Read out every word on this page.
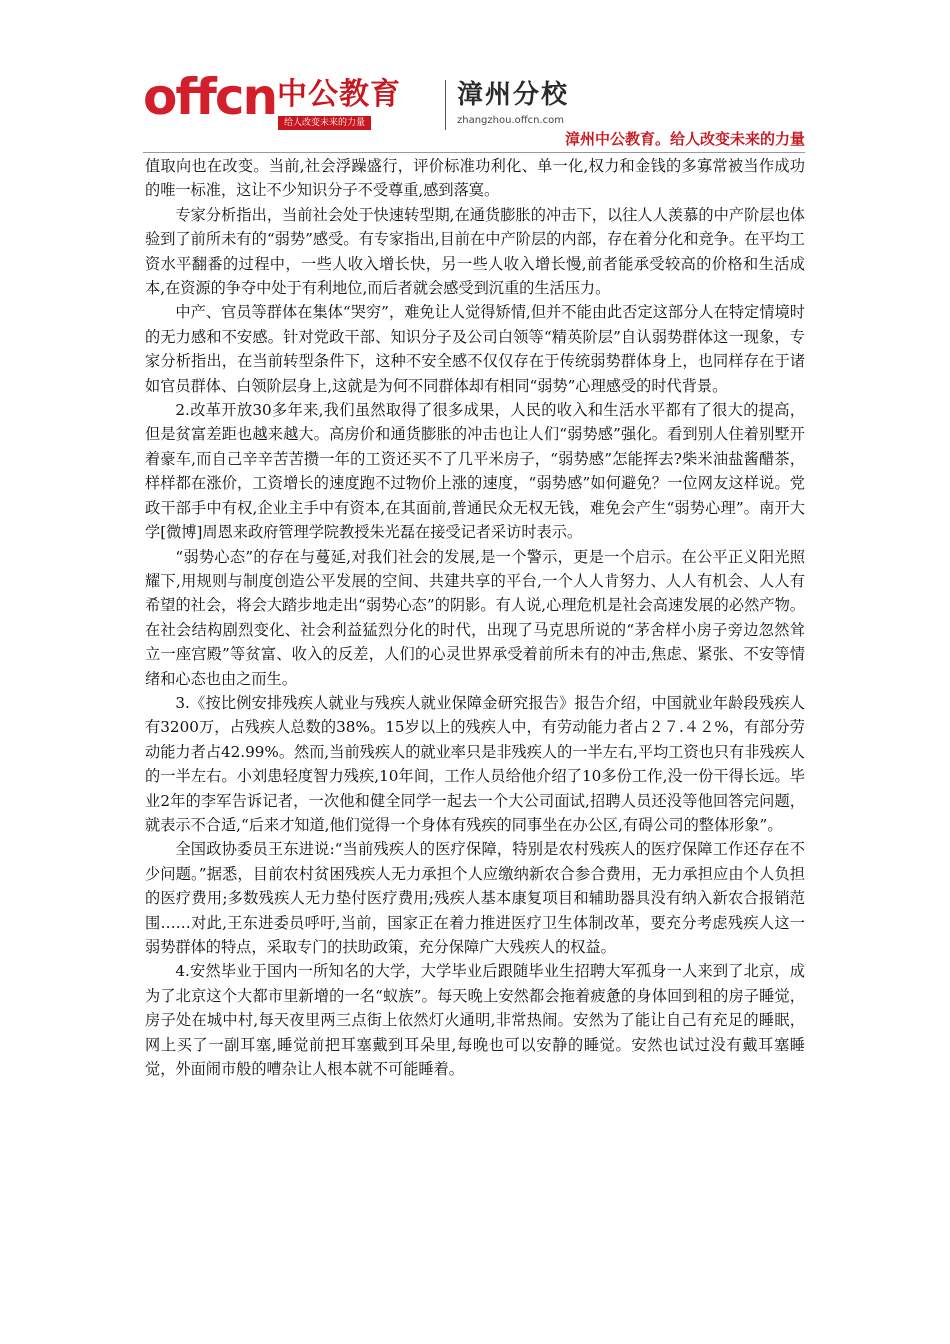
offcn 中公教育
给人改变未来的力量
漳州分校
zhangzhou.offcn.com
漳州中公教育。给人改变未来的力量

值取向也在改变。当前,社会浮躁盛行，评价标准功利化、单一化,权力和金钱的多寡常被当作成功的唯一标准，这让不少知识分子不受尊重,感到落寞。

专家分析指出，当前社会处于快速转型期,在通货膨胀的冲击下，以往人人羡慕的中产阶层也体验到了前所未有的“弱势”感受。有专家指出,目前在中产阶层的内部，存在着分化和竞争。在平均工资水平翻番的过程中，一些人收入增长快，另一些人收入增长慢,前者能承受较高的价格和生活成本,在资源的争夺中处于有利地位,而后者就会感受到沉重的生活压力。

中产、官员等群体在集体“哭穷”，难免让人觉得矫情,但并不能由此否定这部分人在特定情境时的无力感和不安感。针对党政干部、知识分子及公司白领等“精英阶层”自认弱势群体这一现象，专家分析指出，在当前转型条件下，这种不安全感不仅仅存在于传统弱势群体身上，也同样存在于诸如官员群体、白领阶层身上,这就是为何不同群体却有相同“弱势”心理感受的时代背景。

2.改革开放30多年来,我们虽然取得了很多成果，人民的收入和生活水平都有了很大的提高，但是贫富差距也越来越大。高房价和通货膨胀的冲击也让人们“弱势感”强化。看到别人住着别墅开着豪车,而自己辛辛苦苦攒一年的工资还买不了几平米房子，“弱势感”怎能挥去?柴米油盐酱醋茶，样样都在涨价，工资增长的速度跑不过物价上涨的速度，“弱势感”如何避免？一位网友这样说。党政干部手中有权,企业主手中有资本,在其面前,普通民众无权无钱，难免会产生“弱势心理”。南开大学[微博]周恩来政府管理学院教授朱光磊在接受记者采访时表示。

“弱势心态”的存在与蔓延,对我们社会的发展,是一个警示，更是一个启示。在公平正义阳光照耀下,用规则与制度创造公平发展的空间、共建共享的平台,一个人人肯努力、人人有机会、人人有希望的社会，将会大踏步地走出“弱势心态”的阴影。有人说,心理危机是社会高速发展的必然产物。在社会结构剧烈变化、社会利益猛烈分化的时代，出现了马克思所说的“茅舍样小房子旁边忽然耸立一座宫殿”等贫富、收入的反差，人们的心灵世界承受着前所未有的冲击,焦虑、紧张、不安等情绪和心态也由之而生。

3.《按比例安排残疾人就业与残疾人就业保障金研究报告》报告介绍，中国就业年龄段残疾人有3200万，占残疾人总数的38%。15岁以上的残疾人中，有劳动能力者占２７.４２%，有部分劳动能力者占42.99%。然而,当前残疾人的就业率只是非残疾人的一半左右,平均工资也只有非残疾人的一半左右。小刘患轻度智力残疾,10年间，工作人员给他介绍了10多份工作,没一份干得长远。毕业2年的李军告诉记者，一次他和健全同学一起去一个大公司面试,招聘人员还没等他回答完问题，就表示不合适,“后来才知道,他们觉得一个身体有残疾的同事坐在办公区,有碍公司的整体形象”。

全国政协委员王东进说:“当前残疾人的医疗保障，特别是农村残疾人的医疗保障工作还存在不少问题。”据悉，目前农村贫困残疾人无力承担个人应缴纳新农合参合费用，无力承担应由个人负担的医疗费用;多数残疾人无力垫付医疗费用;残疾人基本康复项目和辅助器具没有纳入新农合报销范围……对此,王东进委员呼吁,当前，国家正在着力推进医疗卫生体制改革，要充分考虑残疾人这一弱势群体的特点，采取专门的扶助政策，充分保障广大残疾人的权益。

4.安然毕业于国内一所知名的大学，大学毕业后跟随毕业生招聘大军孤身一人来到了北京，成为了北京这个大都市里新增的一名“蚁族”。每天晚上安然都会拖着疲惫的身体回到租的房子睡觉，房子处在城中村,每天夜里两三点街上依然灯火通明,非常热闹。安然为了能让自己有充足的睡眠，网上买了一副耳塞,睡觉前把耳塞戴到耳朵里,每晚也可以安静的睡觉。安然也试过没有戴耳塞睡觉，外面闹市般的嘈杂让人根本就不可能睡着。
